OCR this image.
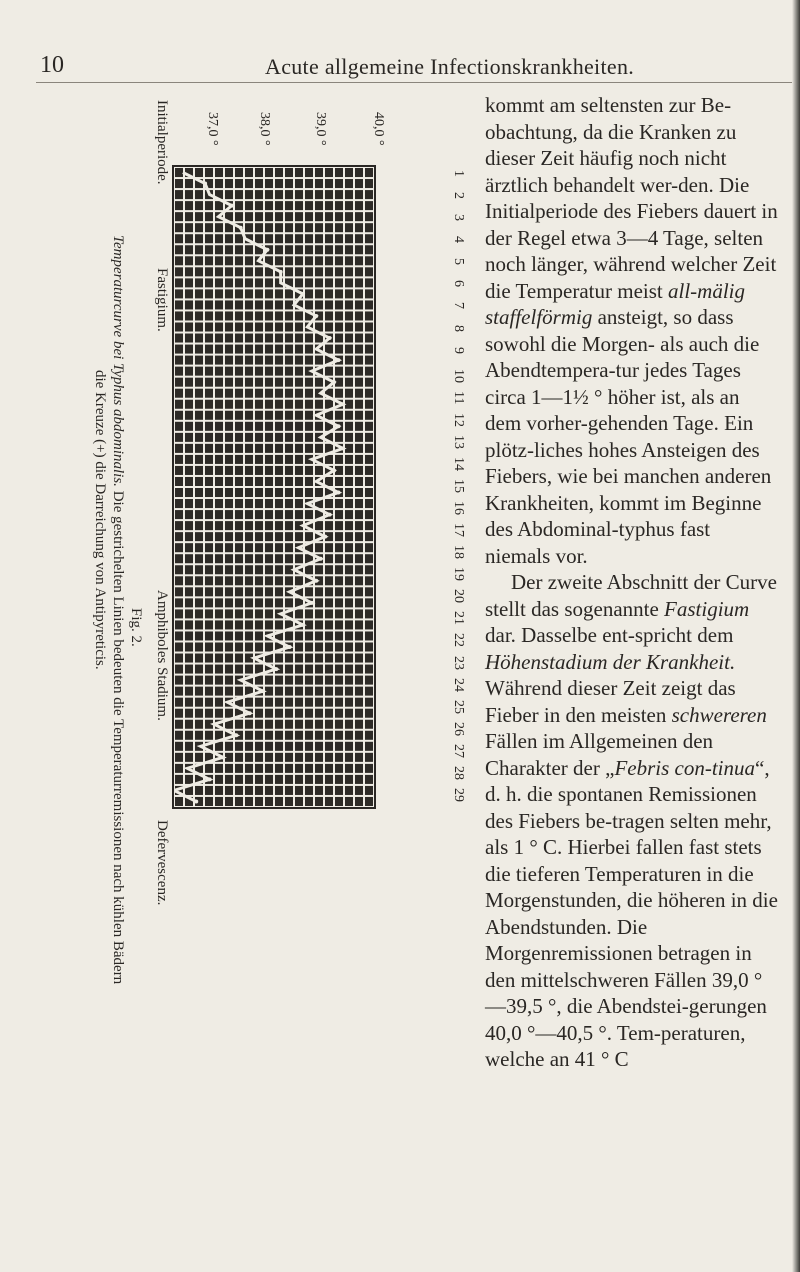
10	Acute allgemeine Infectionskrankheiten.
Initialperiode.
Fastigium.
Amphiboles Stadium.
Defervescenz.
Temperaturcurve bei Typhus abdominalis. Die gestrichelten Linien bedeuten die Temperaturremissionen nach kühlen Bädern
die Kreuze (+) die Darreichung von Antipyreticis. Fig. 2.
37,0 °	38,0 °	39,0 °	40,0 °
1
2
3
4
5
6
7
8
9
10
11
12
13
14
15
16
17
18
19
20
21
22
23
24
25
26
27
28
29

kommt am seltensten zur Be-obachtung, da die Kranken zu dieser Zeit häufig noch nicht ärztlich behandelt wer-den. Die Initialperiode des Fiebers dauert in der Regel etwa 3—4 Tage, selten noch länger, während welcher Zeit die Temperatur meist all-mälig staffelförmig ansteigt, so dass sowohl die Morgen- als auch die Abendtempera-tur jedes Tages circa 1—1½ ° höher ist, als an dem vorher-gehenden Tage. Ein plötz-liches hohes Ansteigen des Fiebers, wie bei manchen anderen Krankheiten, kommt im Beginne des Abdominal-typhus fast niemals vor.

Der zweite Abschnitt der Curve stellt das sogenannte Fastigium dar. Dasselbe ent-spricht dem Höhenstadium der Krankheit. Während dieser Zeit zeigt das Fieber in den meisten schwereren Fällen im Allgemeinen den Charakter der „Febris con-tinua“, d. h. die spontanen Remissionen des Fiebers be-tragen selten mehr, als 1 ° C. Hierbei fallen fast stets die tieferen Temperaturen in die Morgenstunden, die höheren in die Abendstunden. Die Morgenremissionen betragen in den mittelschweren Fällen 39,0 °—39,5 °, die Abendstei-gerungen 40,0 °—40,5 °. Tem-peraturen, welche an 41 ° C
